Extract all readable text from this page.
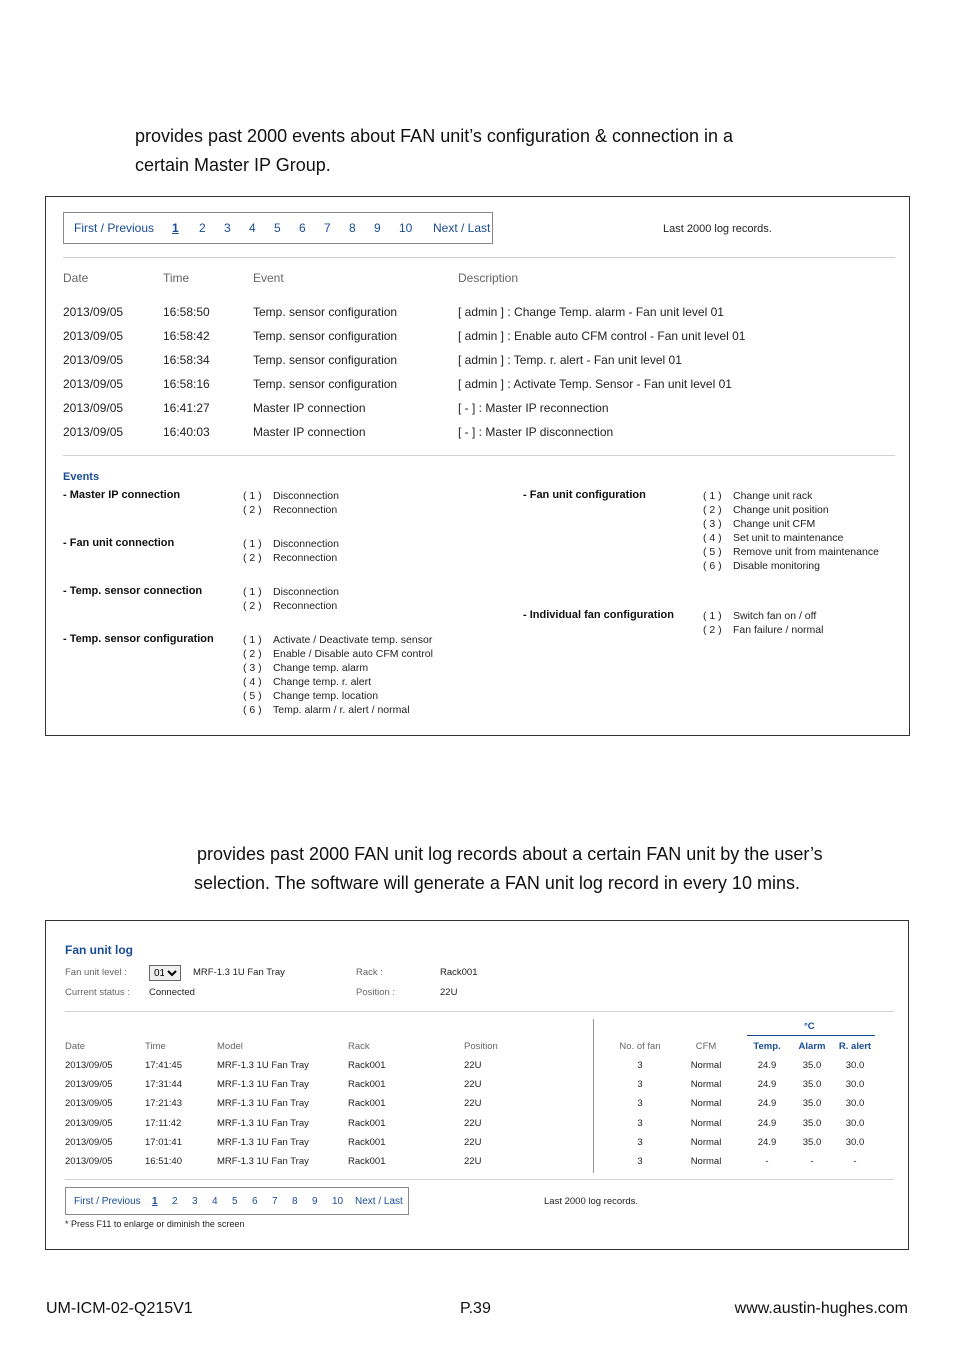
provides past 2000 events about FAN unit’s configuration & connection in a
certain Master IP Group.
First / Previous	1	2	3	4	5	6	7	8	9	10	Next / Last	Last 2000 log records.
Date	Time	Event	Description
2013/09/05	16:58:50	Temp. sensor configuration	[ admin ] : Change Temp. alarm - Fan unit level 01
2013/09/05	16:58:42	Temp. sensor configuration	[ admin ] : Enable auto CFM control - Fan unit level 01
2013/09/05	16:58:34	Temp. sensor configuration	[ admin ] : Temp. r. alert - Fan unit level 01
2013/09/05	16:58:16	Temp. sensor configuration	[ admin ] : Activate Temp. Sensor - Fan unit level 01
2013/09/05	16:41:27	Master IP connection	[ - ] : Master IP reconnection
2013/09/05	16:40:03	Master IP connection	[ - ] : Master IP disconnection
Events
- Master IP connection	( 1 ) Disconnection
( 2 ) Reconnection
- Fan unit connection	( 1 ) Disconnection
( 2 ) Reconnection
- Temp. sensor connection	( 1 ) Disconnection
( 2 ) Reconnection
- Temp. sensor configuration	( 1 ) Activate / Deactivate temp. sensor
( 2 ) Enable / Disable auto CFM control
( 3 ) Change temp. alarm
( 4 ) Change temp. r. alert
( 5 ) Change temp. location
( 6 ) Temp. alarm / r. alert / normal
- Fan unit configuration	( 1 ) Change unit rack
( 2 ) Change unit position
( 3 ) Change unit CFM
( 4 ) Set unit to maintenance
( 5 ) Remove unit from maintenance
( 6 ) Disable monitoring
- Individual fan configuration	( 1 ) Switch fan on / off
( 2 ) Fan failure / normal
provides past 2000 FAN unit log records about a certain FAN unit by the user’s
selection. The software will generate a FAN unit log record in every 10 mins.
Fan unit log
Fan unit level :
01	MRF-1.3 1U Fan Tray	Rack :	Rack001
Current status : Connected	Position :	22U
°C
Date	Time	Model	Rack	Position	No. of fan	CFM	Temp. Alarm R. alert
2013/09/05	17:41:45	MRF-1.3 1U Fan Tray	Rack001	22U	3	Normal	24.9	35.0	30.0
2013/09/05	17:31:44	MRF-1.3 1U Fan Tray	Rack001	22U	3	Normal	24.9	35.0	30.0
2013/09/05	17:21:43	MRF-1.3 1U Fan Tray	Rack001	22U	3	Normal	24.9	35.0	30.0
2013/09/05	17:11:42	MRF-1.3 1U Fan Tray	Rack001	22U	3	Normal	24.9	35.0	30.0
2013/09/05	17:01:41	MRF-1.3 1U Fan Tray	Rack001	22U	3	Normal	24.9	35.0	30.0
2013/09/05	16:51:40	MRF-1.3 1U Fan Tray	Rack001	22U	3	Normal	-	-	-
First / Previous	1	2	3	4	5	6	7	8	9	10	Next / Last	Last 2000 log records.
* Press F11 to enlarge or diminish the screen
UM-ICM-02-Q215V1	P.39	www.austin-hughes.com
